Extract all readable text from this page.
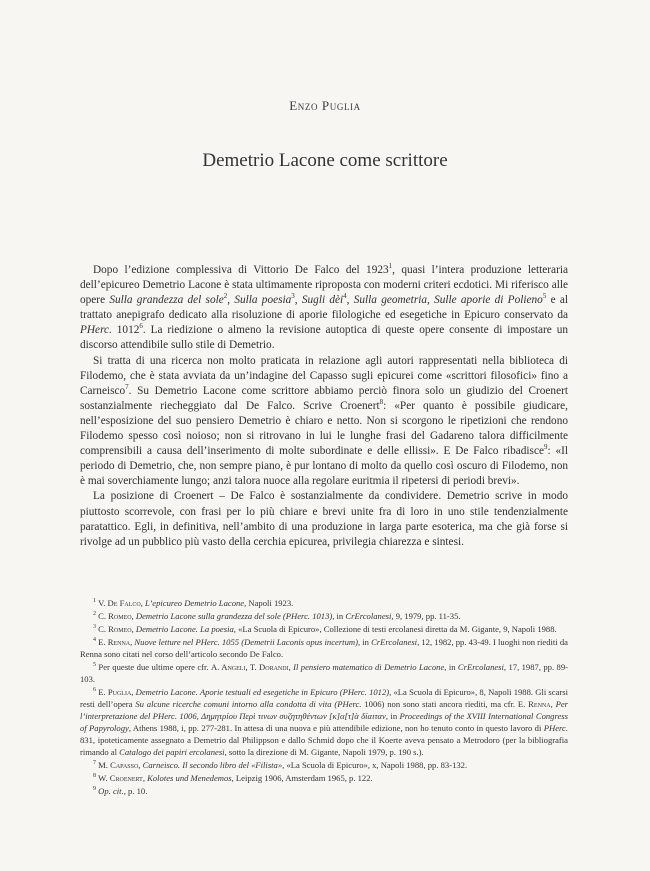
Enzo Puglia
Demetrio Lacone come scrittore

Dopo l’edizione complessiva di Vittorio De Falco del 1923$^1$, quasi l’intera produzione letteraria dell’epicureo Demetrio Lacone è stata ultimamente riproposta con moderni criteri ecdotici. Mi riferisco alle opere Sulla grandezza del sole$^2$, Sulla poesia$^3$, Sugli dèi$^4$, Sulla geometria, Sulle aporie di Polieno$^5$ e al trattato anepigrafo dedicato alla risoluzione di aporie filologiche ed esegetiche in Epicuro conservato da PHerc. 1012$^6$. La riedizione o almeno la revisione autoptica di queste opere consente di impostare un discorso attendibile sullo stile di Demetrio.

Si tratta di una ricerca non molto praticata in relazione agli autori rappresentati nella biblioteca di Filodemo, che è stata avviata da un’indagine del Capasso sugli epicurei come «scrittori filosofici» fino a Carneisco$^7$. Su Demetrio Lacone come scrittore abbiamo perciò finora solo un giudizio del Croenert sostanzialmente riecheggiato dal De Falco. Scrive Croenert$^8$: «Per quanto è possibile giudicare, nell’esposizione del suo pensiero Demetrio è chiaro e netto. Non si scorgono le ripetizioni che rendono Filodemo spesso così noioso; non si ritrovano in lui le lunghe frasi del Gadareno talora difficilmente comprensibili a causa dell’inserimento di molte subordinate e delle ellissi». E De Falco ribadisce$^9$: «Il periodo di Demetrio, che, non sempre piano, è pur lontano di molto da quello così oscuro di Filodemo, non è mai soverchiamente lungo; anzi talora nuoce alla regolare euritmia il ripetersi di periodi brevi».

La posizione di Croenert – De Falco è sostanzialmente da condividere. Demetrio scrive in modo piuttosto scorrevole, con frasi per lo più chiare e brevi unite fra di loro in uno stile tendenzialmente paratattico. Egli, in definitiva, nell’ambito di una produzione in larga parte esoterica, ma che già forse si rivolge ad un pubblico più vasto della cerchia epicurea, privilegia chiarezza e sintesi.

$^1$ V. De Falco, L’epicureo Demetrio Lacone, Napoli 1923.

$^2$ C. Romeo, Demetrio Lacone sulla grandezza del sole (PHerc. 1013), in CrErcolanesi, 9, 1979, pp. 11-35.

$^3$ C. Romeo, Demetrio Lacone. La poesia, «La Scuola di Epicuro», Collezione di testi ercolanesi diretta da M. Gigante, 9, Napoli 1988.

$^4$ E. Renna, Nuove letture nel PHerc. 1055 (Demetrii Laconis opus incertum), in CrErcolanesi, 12, 1982, pp. 43-49. I luoghi non riediti da Renna sono citati nel corso dell’articolo secondo De Falco.

$^5$ Per queste due ultime opere cfr. A. Angeli, T. Dorandi, Il pensiero matematico di Demetrio Lacone, in CrErcolanesi, 17, 1987, pp. 89-103.

$^6$ E. Puglia, Demetrio Lacone. Aporie testuali ed esegetiche in Epicuro (PHerc. 1012), «La Scuola di Epicuro», 8, Napoli 1988. Gli scarsi resti dell’opera Su alcune ricerche comuni intorno alla condotta di vita (PHerc. 1006) non sono stati ancora riediti, ma cfr. E. Renna, Per l’interpretazione del PHerc. 1006, Δημητρίου Περὶ τινων συζητηθέντων [κ]α[τ]ὰ δίαιταν, in Proceedings of the XVIII International Congress of Papyrology, Athens 1988, i, pp. 277-281. In attesa di una nuova e più attendibile edizione, non ho tenuto conto in questo lavoro di PHerc. 831, ipoteticamente assegnato a Demetrio dal Philippson e dallo Schmid dopo che il Koerte aveva pensato a Metrodoro (per la bibliografia rimando al Catalogo dei papiri ercolanesi, sotto la direzione di M. Gigante, Napoli 1979, p. 190 s.).

$^7$ M. Capasso, Carneisco. Il secondo libro del «Filista», «La Scuola di Epicuro», x, Napoli 1988, pp. 83-132.

$^8$ W. Croenert, Kolotes und Menedemos, Leipzig 1906, Amsterdam 1965, p. 122.

$^9$ Op. cit., p. 10.
